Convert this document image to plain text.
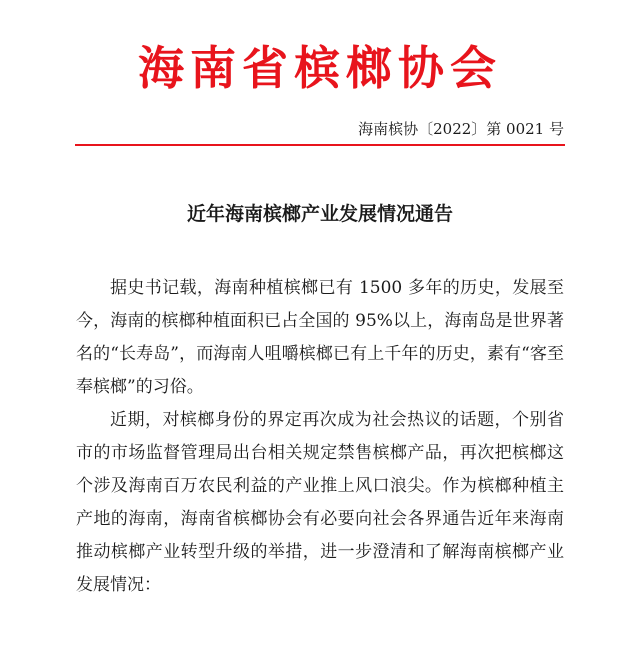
海南省槟榔协会
海南槟协〔2022〕第 0021 号
近年海南槟榔产业发展情况通告

据史书记载，海南种植槟榔已有 1500 多年的历史，发展至今，海南的槟榔种植面积已占全国的 95%以上，海南岛是世界著名的“长寿岛”，而海南人咀嚼槟榔已有上千年的历史，素有“客至奉槟榔”的习俗。

近期，对槟榔身份的界定再次成为社会热议的话题，个别省市的市场监督管理局出台相关规定禁售槟榔产品，再次把槟榔这个涉及海南百万农民利益的产业推上风口浪尖。作为槟榔种植主产地的海南，海南省槟榔协会有必要向社会各界通告近年来海南推动槟榔产业转型升级的举措，进一步澄清和了解海南槟榔产业发展情况：
